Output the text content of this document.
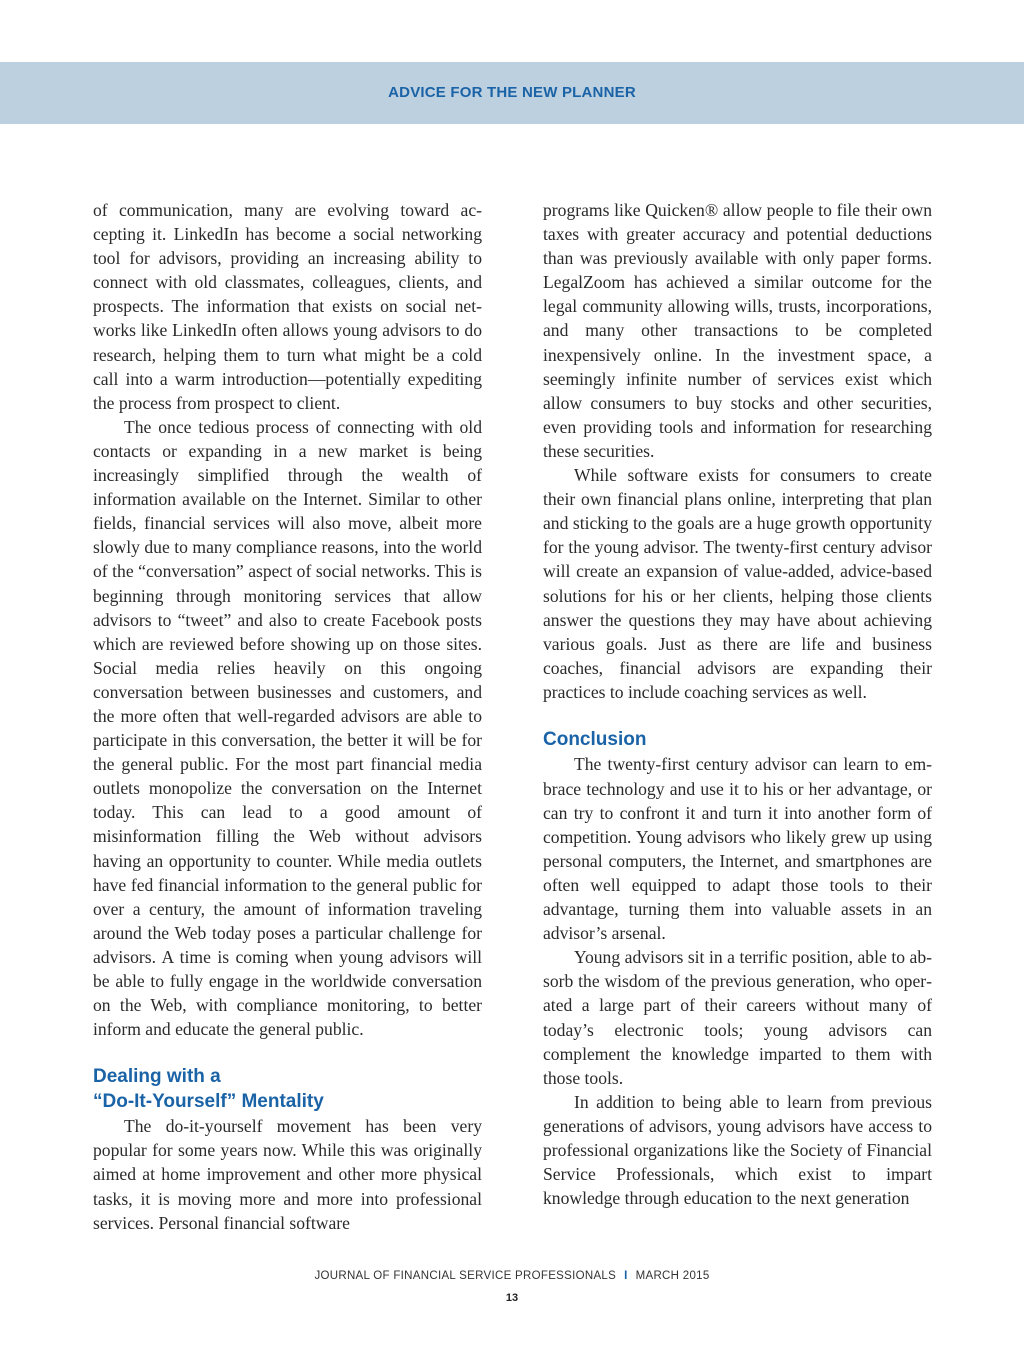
ADVICE FOR THE NEW PLANNER

of communication, many are evolving toward accepting it. LinkedIn has become a social networking tool for advisors, providing an increasing ability to connect with old classmates, colleagues, clients, and prospects. The information that exists on social networks like LinkedIn often allows young advisors to do research, helping them to turn what might be a cold call into a warm introduction—potentially expediting the process from prospect to client.

The once tedious process of connecting with old contacts or expanding in a new market is being increasingly simplified through the wealth of information available on the Internet. Similar to other fields, financial services will also move, albeit more slowly due to many compliance reasons, into the world of the “conversation” aspect of social networks. This is beginning through monitoring services that allow advisors to “tweet” and also to create Facebook posts which are reviewed before showing up on those sites. Social media relies heavily on this ongoing conversation between businesses and customers, and the more often that well-regarded advisors are able to participate in this conversation, the better it will be for the general public. For the most part financial media outlets monopolize the conversation on the Internet today. This can lead to a good amount of misinformation filling the Web without advisors having an opportunity to counter. While media outlets have fed financial information to the general public for over a century, the amount of information traveling around the Web today poses a particular challenge for advisors. A time is coming when young advisors will be able to fully engage in the worldwide conversation on the Web, with compliance monitoring, to better inform and educate the general public.

Dealing with a
“Do-It-Yourself” Mentality

The do-it-yourself movement has been very popular for some years now. While this was originally aimed at home improvement and other more physical tasks, it is moving more and more into professional services. Personal financial software

programs like Quicken® allow people to file their own taxes with greater accuracy and potential deductions than was previously available with only paper forms. LegalZoom has achieved a similar outcome for the legal community allowing wills, trusts, incorporations, and many other transactions to be completed inexpensively online. In the investment space, a seemingly infinite number of services exist which allow consumers to buy stocks and other securities, even providing tools and information for researching these securities.

While software exists for consumers to create their own financial plans online, interpreting that plan and sticking to the goals are a huge growth opportunity for the young advisor. The twenty-first century advisor will create an expansion of value-added, advice-based solutions for his or her clients, helping those clients answer the questions they may have about achieving various goals. Just as there are life and business coaches, financial advisors are expanding their practices to include coaching services as well.

Conclusion

The twenty-first century advisor can learn to embrace technology and use it to his or her advantage, or can try to confront it and turn it into another form of competition. Young advisors who likely grew up using personal computers, the Internet, and smartphones are often well equipped to adapt those tools to their advantage, turning them into valuable assets in an advisor’s arsenal.

Young advisors sit in a terrific position, able to absorb the wisdom of the previous generation, who operated a large part of their careers without many of today’s electronic tools; young advisors can complement the knowledge imparted to them with those tools.

In addition to being able to learn from previous generations of advisors, young advisors have access to professional organizations like the Society of Financial Service Professionals, which exist to impart knowledge through education to the next generation

JOURNAL OF FINANCIAL SERVICE PROFESSIONALS I MARCH 2015
13
